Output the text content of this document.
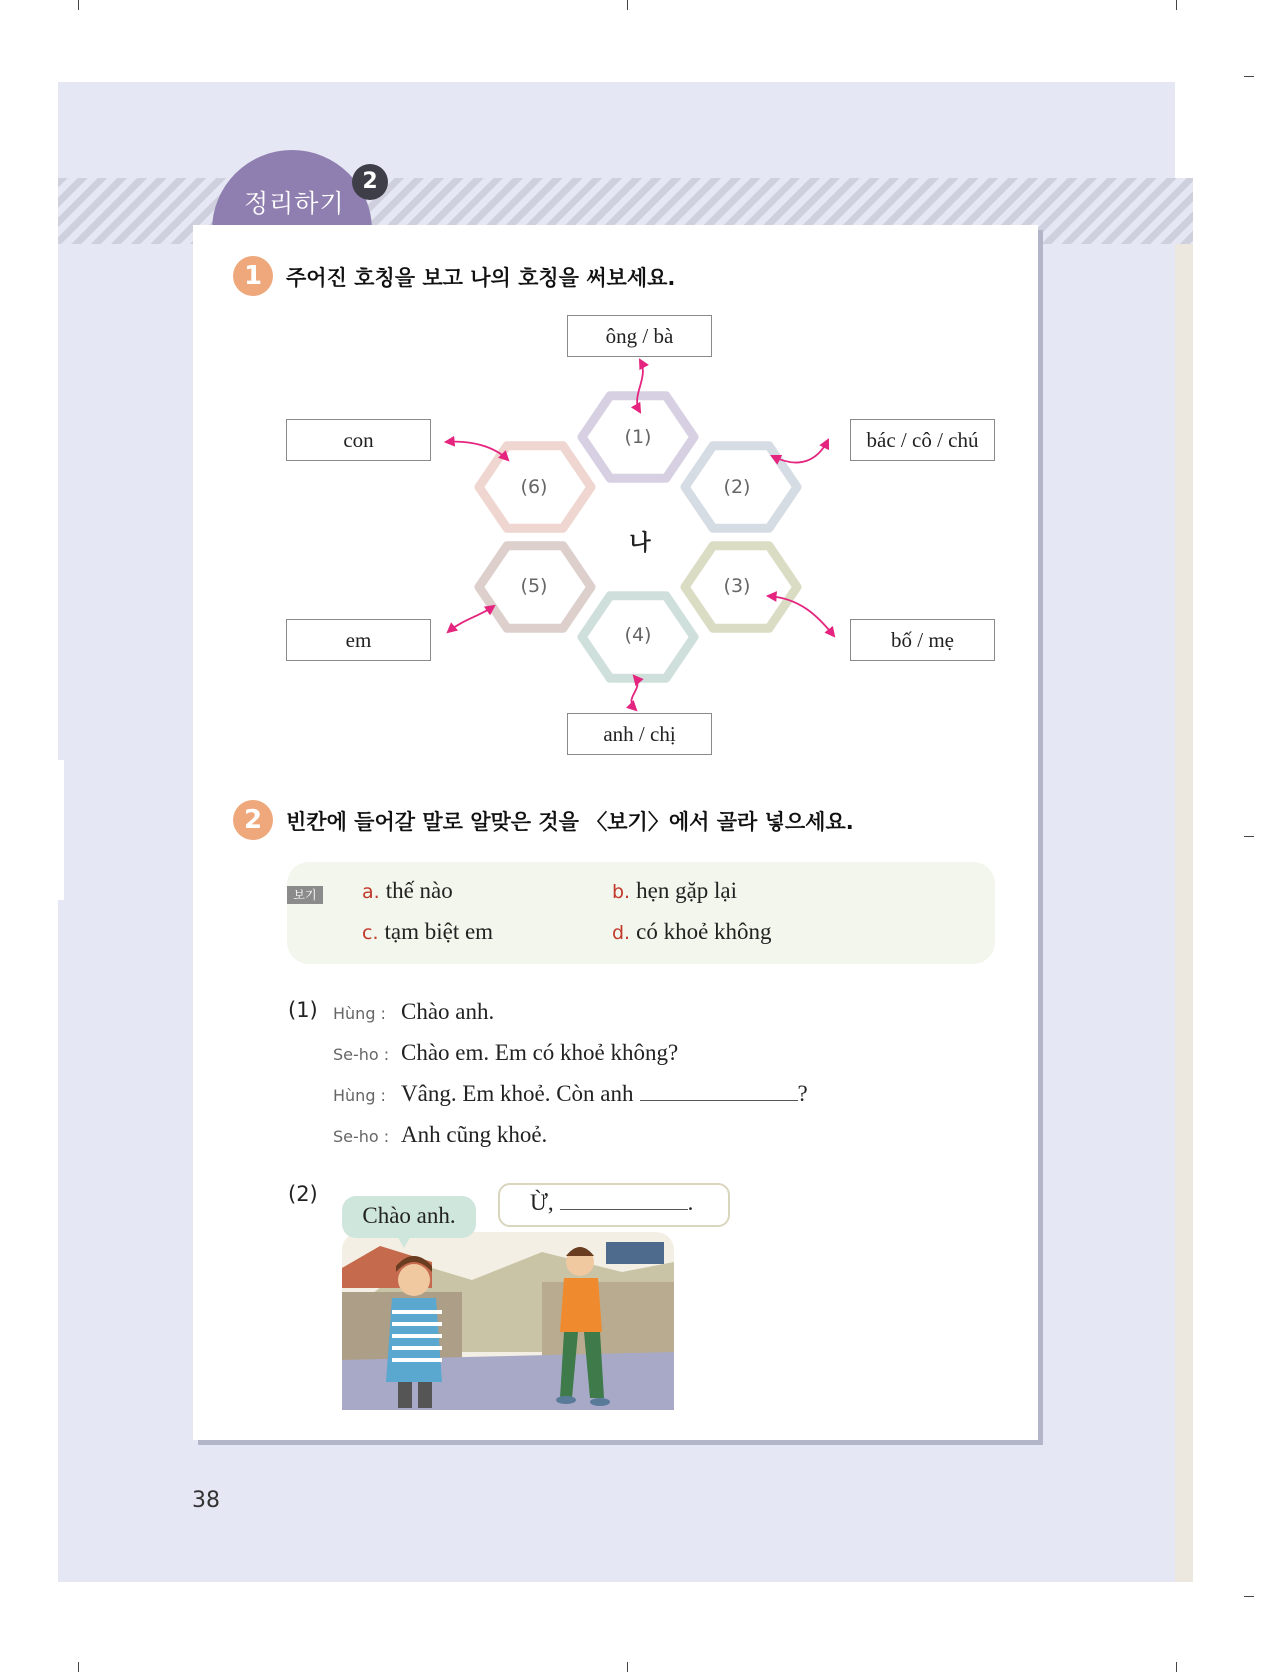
정리하기
2
1	주어진 호칭을 보고 나의 호칭을 써보세요.
(1)
(2)
(3)
(4)
(5)
(6)
나
ông / bà
bác / cô / chú
bố / mẹ
anh / chị
em
con
2	빈칸에 들어갈 말로 알맞은 것을 〈보기〉에서 골라 넣으세요.
보기	a. thế nào	b. hẹn gặp lại
c. tạm biệt em	d. có khoẻ không
(1) Hùng : Chào anh.
Se-ho : Chào em. Em có khoẻ không?
Hùng : Vâng. Em khoẻ. Còn anh	?
Se-ho : Anh cũng khoẻ.
(2)
Chào anh.
Ừ,	.
38
